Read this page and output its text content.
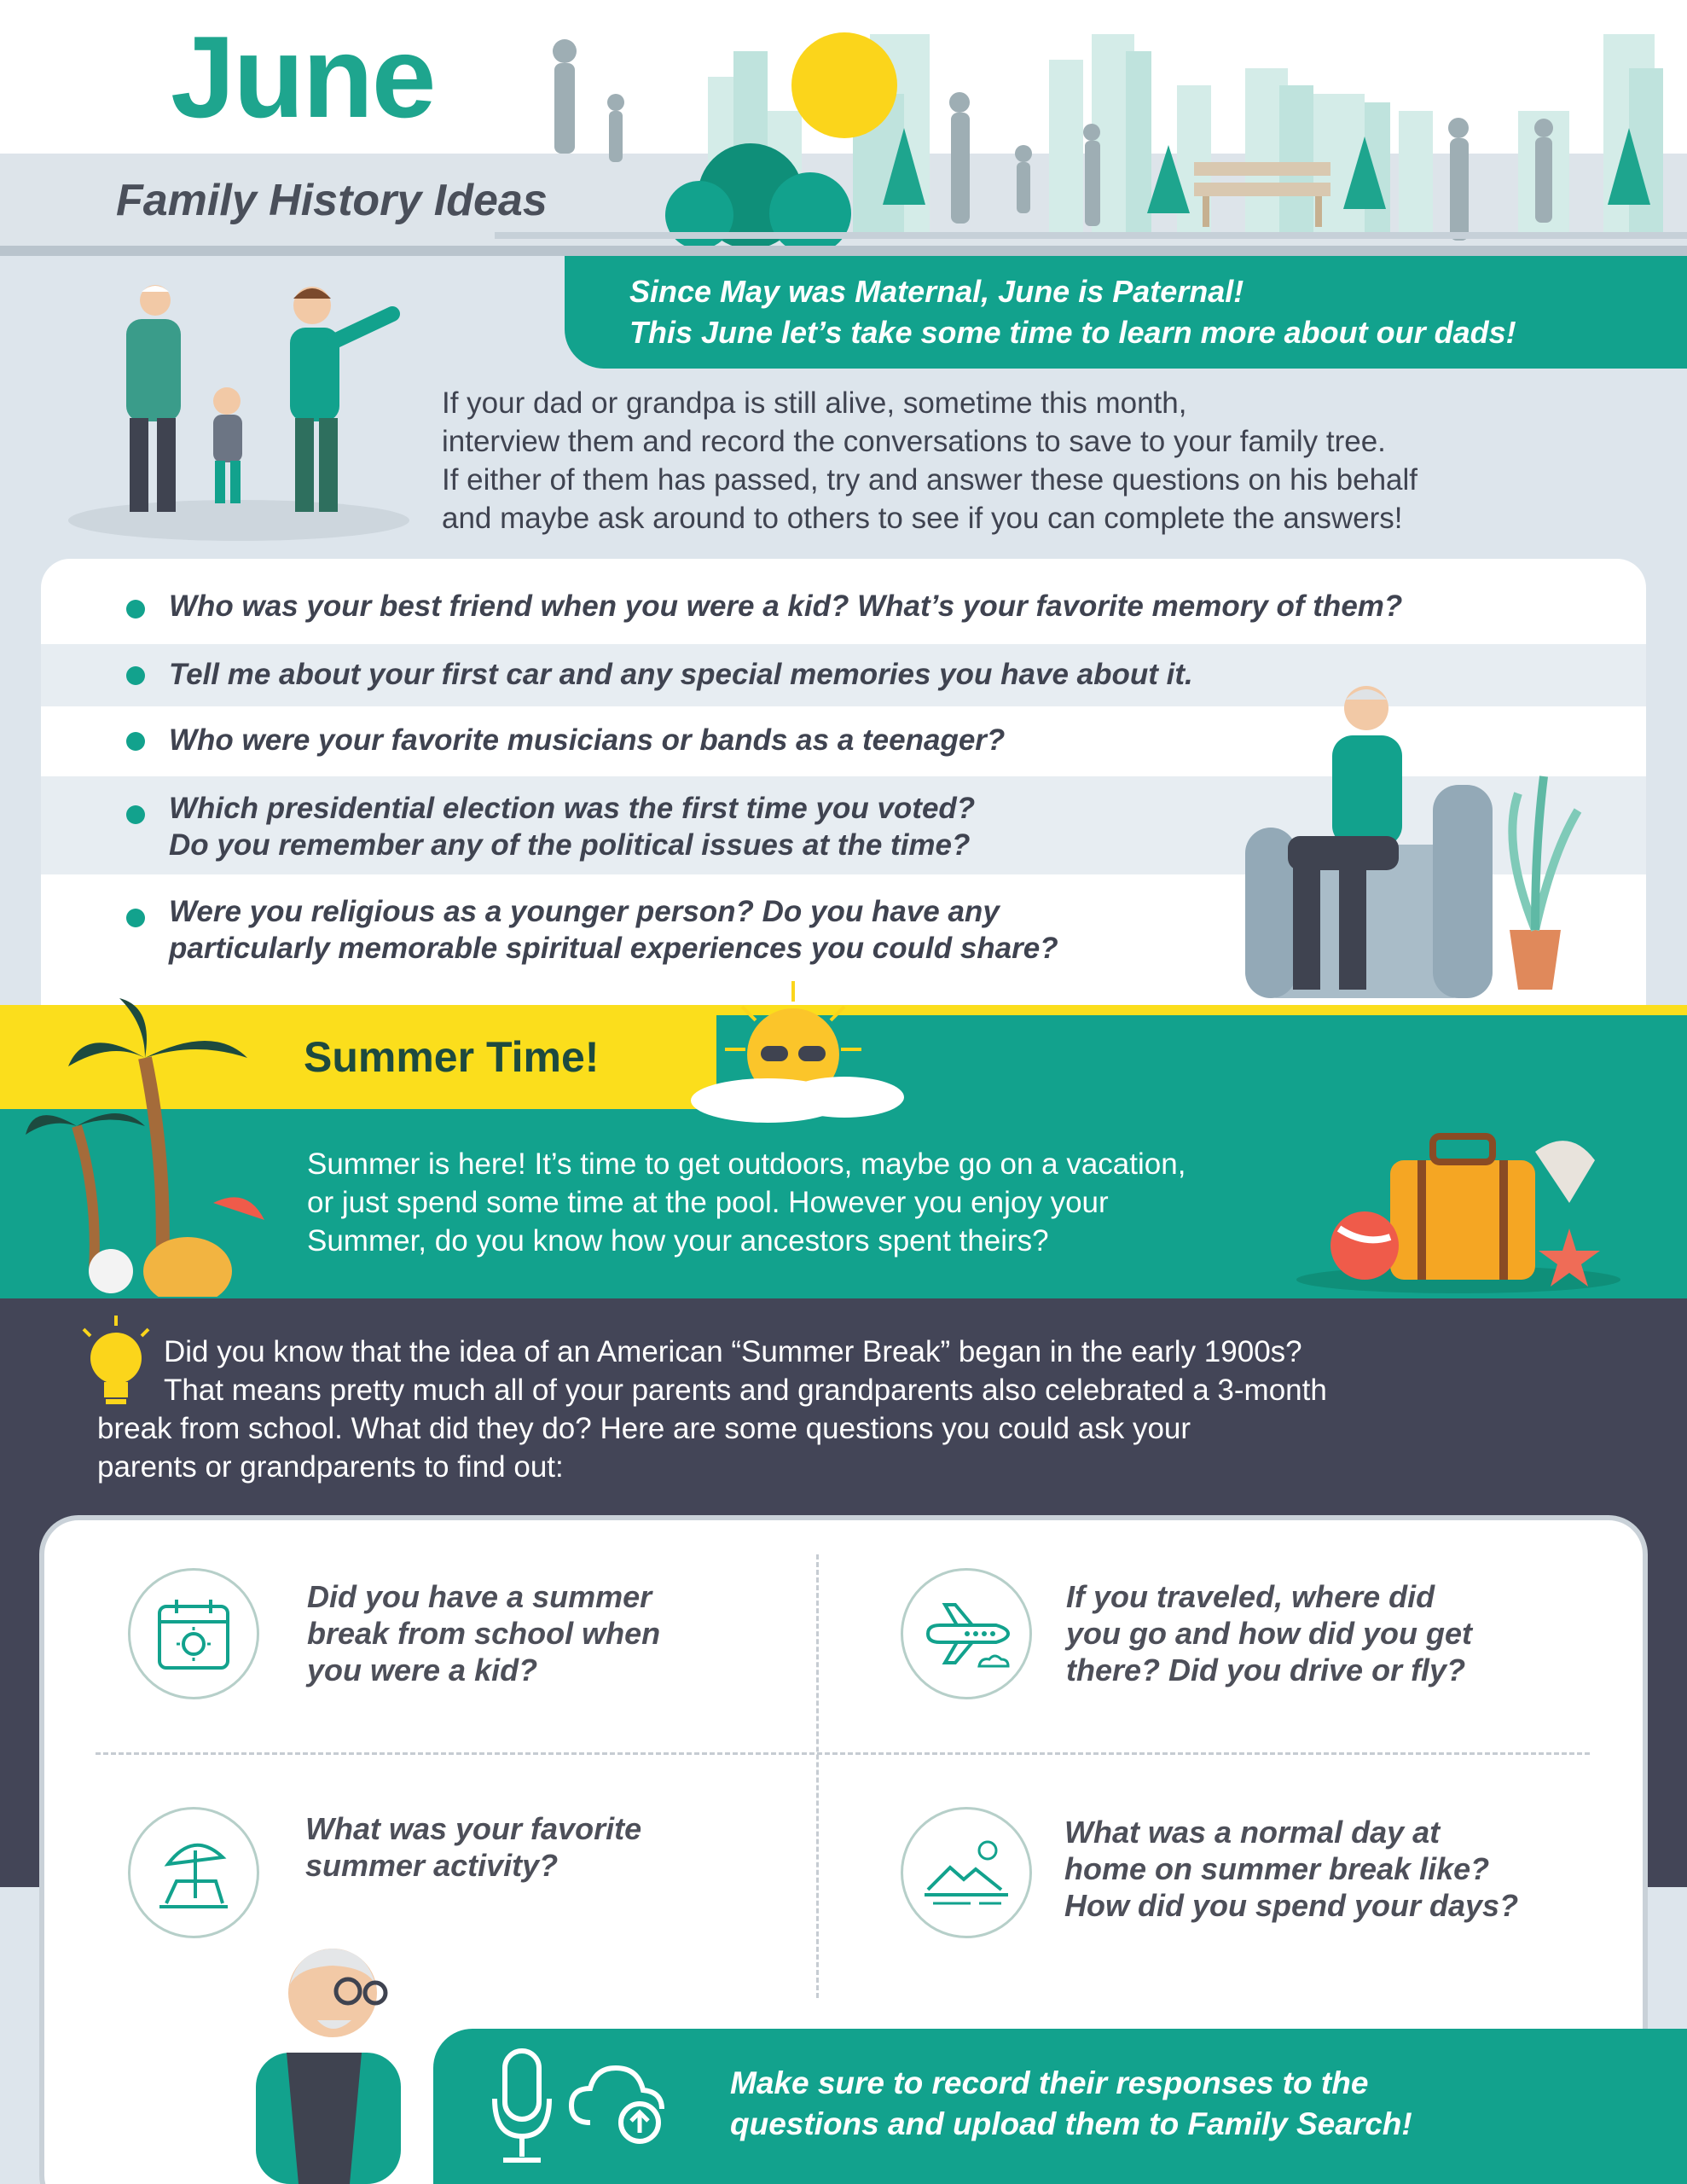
June
Family History Ideas
Since May was Maternal, June is Paternal!
This June let’s take some time to learn more about our dads!
If your dad or grandpa is still alive, sometime this month,
interview them and record the conversations to save to your family tree.
If either of them has passed, try and answer these questions on his behalf
and maybe ask around to others to see if you can complete the answers!
Who was your best friend when you were a kid? What’s your favorite memory of them?
Tell me about your first car and any special memories you have about it.
Who were your favorite musicians or bands as a teenager?
Which presidential election was the first time you voted?
Do you remember any of the political issues at the time?
Were you religious as a younger person? Do you have any
particularly memorable spiritual experiences you could share?
Summer Time!
Summer is here! It’s time to get outdoors, maybe go on a vacation,
or just spend some time at the pool. However you enjoy your
Summer, do you know how your ancestors spent theirs?
Did you know that the idea of an American “Summer Break” began in the early 1900s?
That means pretty much all of your parents and grandparents also celebrated a 3-month
break from school. What did they do? Here are some questions you could ask your
parents or grandparents to find out:
Did you have a summer
break from school when
you were a kid?
If you traveled, where did
you go and how did you get
there? Did you drive or fly?
What was your favorite
summer activity?
What was a normal day at
home on summer break like?
How did you spend your days?
Make sure to record their responses to the
questions and upload them to Family Search!
